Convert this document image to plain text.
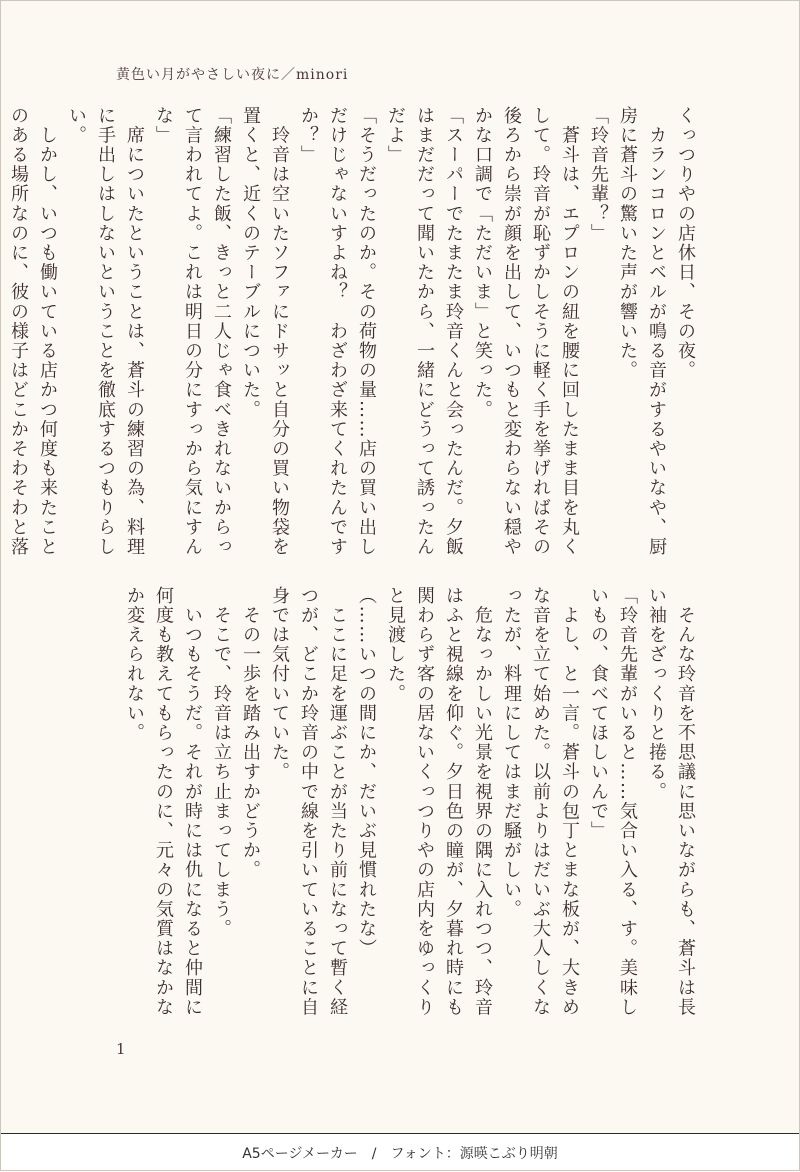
黄色い月がやさしい夜に／minori

くっつりやの店休日、その夜。

　カランコロンとベルが鳴る音がするやいなや、厨房に蒼斗の驚いた声が響いた。

「玲音先輩？」

　蒼斗は、エプロンの紐を腰に回したまま目を丸くして。玲音が恥ずかしそうに軽く手を挙げればその後ろから崇が顔を出して、いつもと変わらない穏やかな口調で「ただいま」と笑った。

「スーパーでたまたま玲音くんと会ったんだ。夕飯はまだだって聞いたから、一緒にどうって誘ったんだよ」

「そうだったのか。その荷物の量……店の買い出しだけじゃないすよね？　わざわざ来てくれたんですか？」

　玲音は空いたソファにドサッと自分の買い物袋を置くと、近くのテーブルについた。

「練習した飯、きっと二人じゃ食べきれないからって言われてよ。これは明日の分にすっから気にすんな」

　席についたということは、蒼斗の練習の為、料理に手出しはしないということを徹底するつもりらしい。

　しかし、いつも働いている店かつ何度も来たことのある場所なのに、彼の様子はどこかそわそわと落

　そんな玲音を不思議に思いながらも、蒼斗は長い袖をざっくりと捲る。

「玲音先輩がいると……気合い入る、す。美味しいもの、食べてほしいんで」

　よし、と一言。蒼斗の包丁とまな板が、大きめな音を立て始めた。以前よりはだいぶ大人しくなったが、料理にしてはまだ騒がしい。

　危なっかしい光景を視界の隅に入れつつ、玲音はふと視線を仰ぐ。夕日色の瞳が、夕暮れ時にも関わらず客の居ないくっつりやの店内をゆっくりと見渡した。

（……いつの間にか、だいぶ見慣れたな）

　ここに足を運ぶことが当たり前になって暫く経つが、どこか玲音の中で線を引いていることに自身では気付いていた。

　その一歩を踏み出すかどうか。

　そこで、玲音は立ち止まってしまう。

　いつもそうだ。それが時には仇になると仲間に何度も教えてもらったのに、元々の気質はなかなか変えられない。

1
A5ページメーカー　/　フォント：源暎こぶり明朝
